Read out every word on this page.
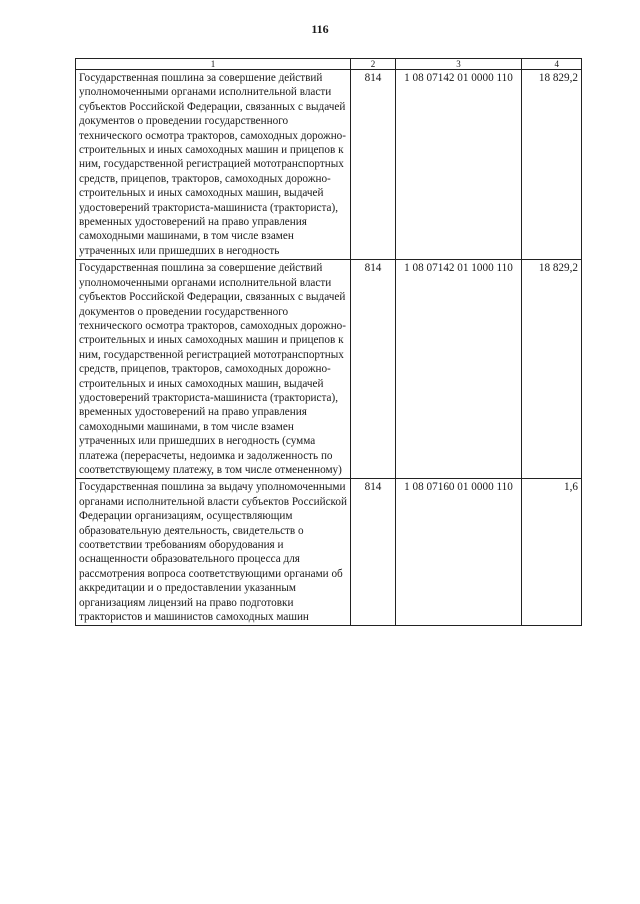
116
1	2	3	4
Государственная пошлина за совершение действий уполномоченными органами исполнительной власти субъектов Российской Федерации, связанных с выдачей документов о проведении государственного технического осмотра тракторов, самоходных дорожно-строительных и иных самоходных машин и прицепов к ним, государственной регистрацией мототранспортных средств, прицепов, тракторов, самоходных дорожно-строительных и иных самоходных машин, выдачей удостоверений тракториста-машиниста (тракториста), временных удостоверений на право управления самоходными машинами, в том числе взамен утраченных или пришедших в негодность	814	1 08 07142 01 0000 110	18 829,2
Государственная пошлина за совершение действий уполномоченными органами исполнительной власти субъектов Российской Федерации, связанных с выдачей документов о проведении государственного технического осмотра тракторов, самоходных дорожно-строительных и иных самоходных машин и прицепов к ним, государственной регистрацией мототранспортных средств, прицепов, тракторов, самоходных дорожно-строительных и иных самоходных машин, выдачей удостоверений тракториста-машиниста (тракториста), временных удостоверений на право управления самоходными машинами, в том числе взамен утраченных или пришедших в негодность (сумма платежа (перерасчеты, недоимка и задолженность по соответствующему платежу, в том числе отмененному)	814	1 08 07142 01 1000 110	18 829,2
Государственная пошлина за выдачу уполномоченными органами исполнительной власти субъектов Российской Федерации организациям, осуществляющим образовательную деятельность, свидетельств о соответствии требованиям оборудования и оснащенности образовательного процесса для рассмотрения вопроса соответствующими органами об аккредитации и о предоставлении указанным организациям лицензий на право подготовки трактористов и машинистов самоходных машин	814	1 08 07160 01 0000 110	1,6
